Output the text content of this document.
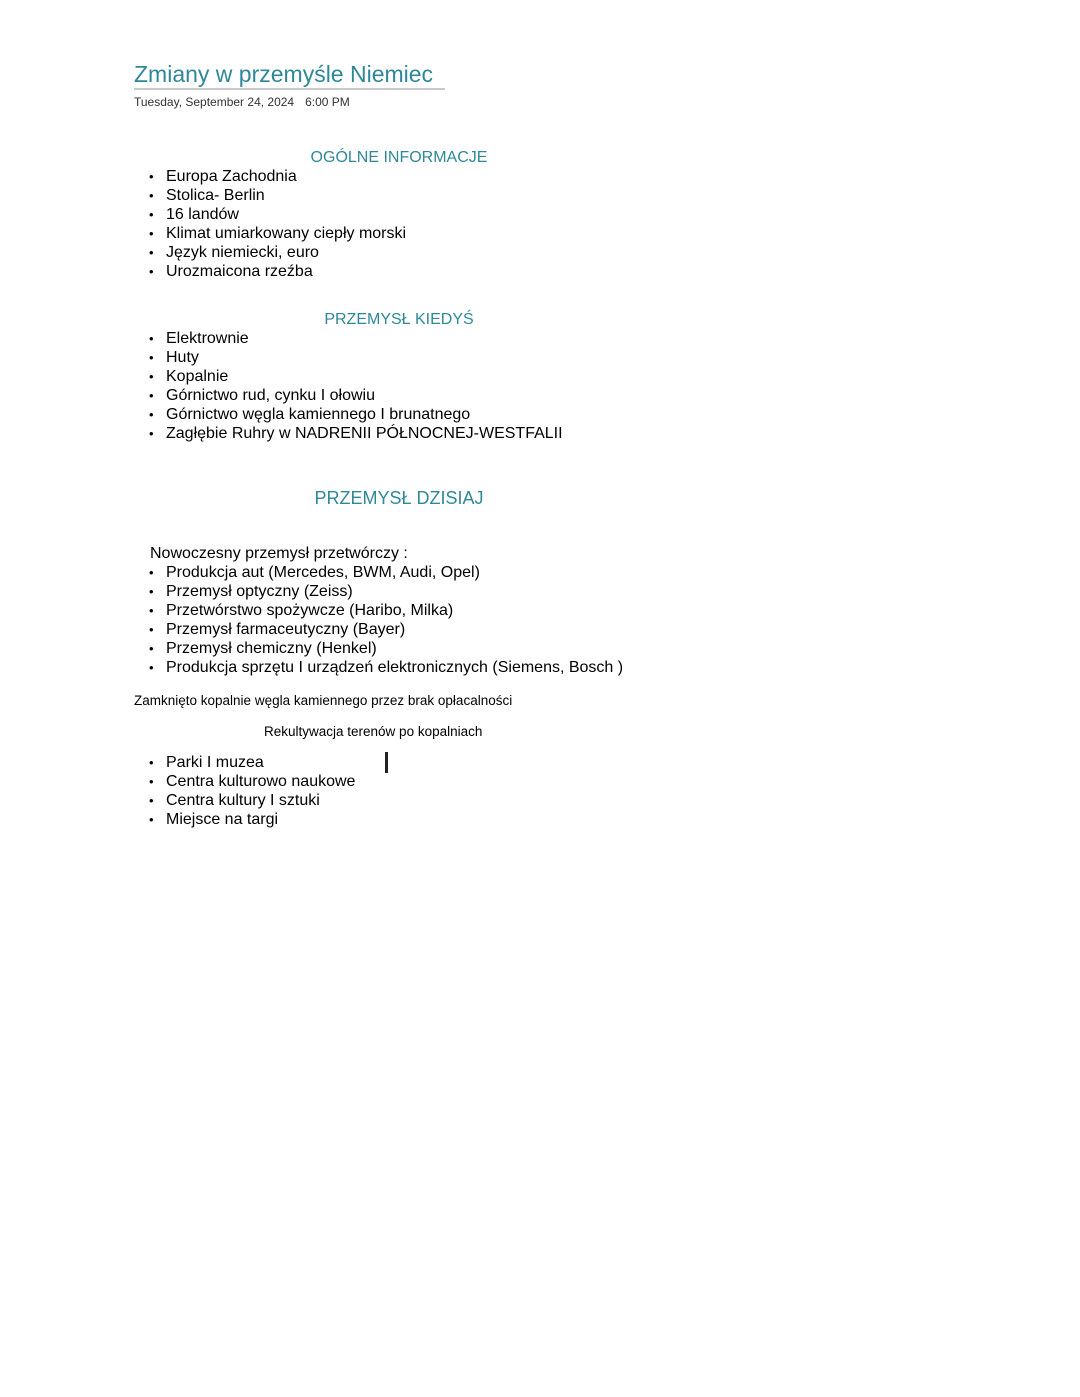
Zmiany w przemyśle Niemiec
Tuesday, September 24, 2024 6:00 PM
OGÓLNE INFORMACJE
• Europa Zachodnia
• Stolica- Berlin
• 16 landów
• Klimat umiarkowany ciepły morski
• Język niemiecki, euro
• Urozmaicona rzeźba
PRZEMYSŁ KIEDYŚ
• Elektrownie
• Huty
• Kopalnie
• Górnictwo rud, cynku I ołowiu
• Górnictwo węgla kamiennego I brunatnego
• Zagłębie Ruhry w NADRENII PÓŁNOCNEJ-WESTFALII
PRZEMYSŁ DZISIAJ
Nowoczesny przemysł przetwórczy :
• Produkcja aut (Mercedes, BWM, Audi, Opel)
• Przemysł optyczny (Zeiss)
• Przetwórstwo spożywcze (Haribo, Milka)
• Przemysł farmaceutyczny (Bayer)
• Przemysł chemiczny (Henkel)
• Produkcja sprzętu I urządzeń elektronicznych (Siemens, Bosch )
Zamknięto kopalnie węgla kamiennego przez brak opłacalności
Rekultywacja terenów po kopalniach
• Parki I muzea
• Centra kulturowo naukowe
• Centra kultury I sztuki
• Miejsce na targi
